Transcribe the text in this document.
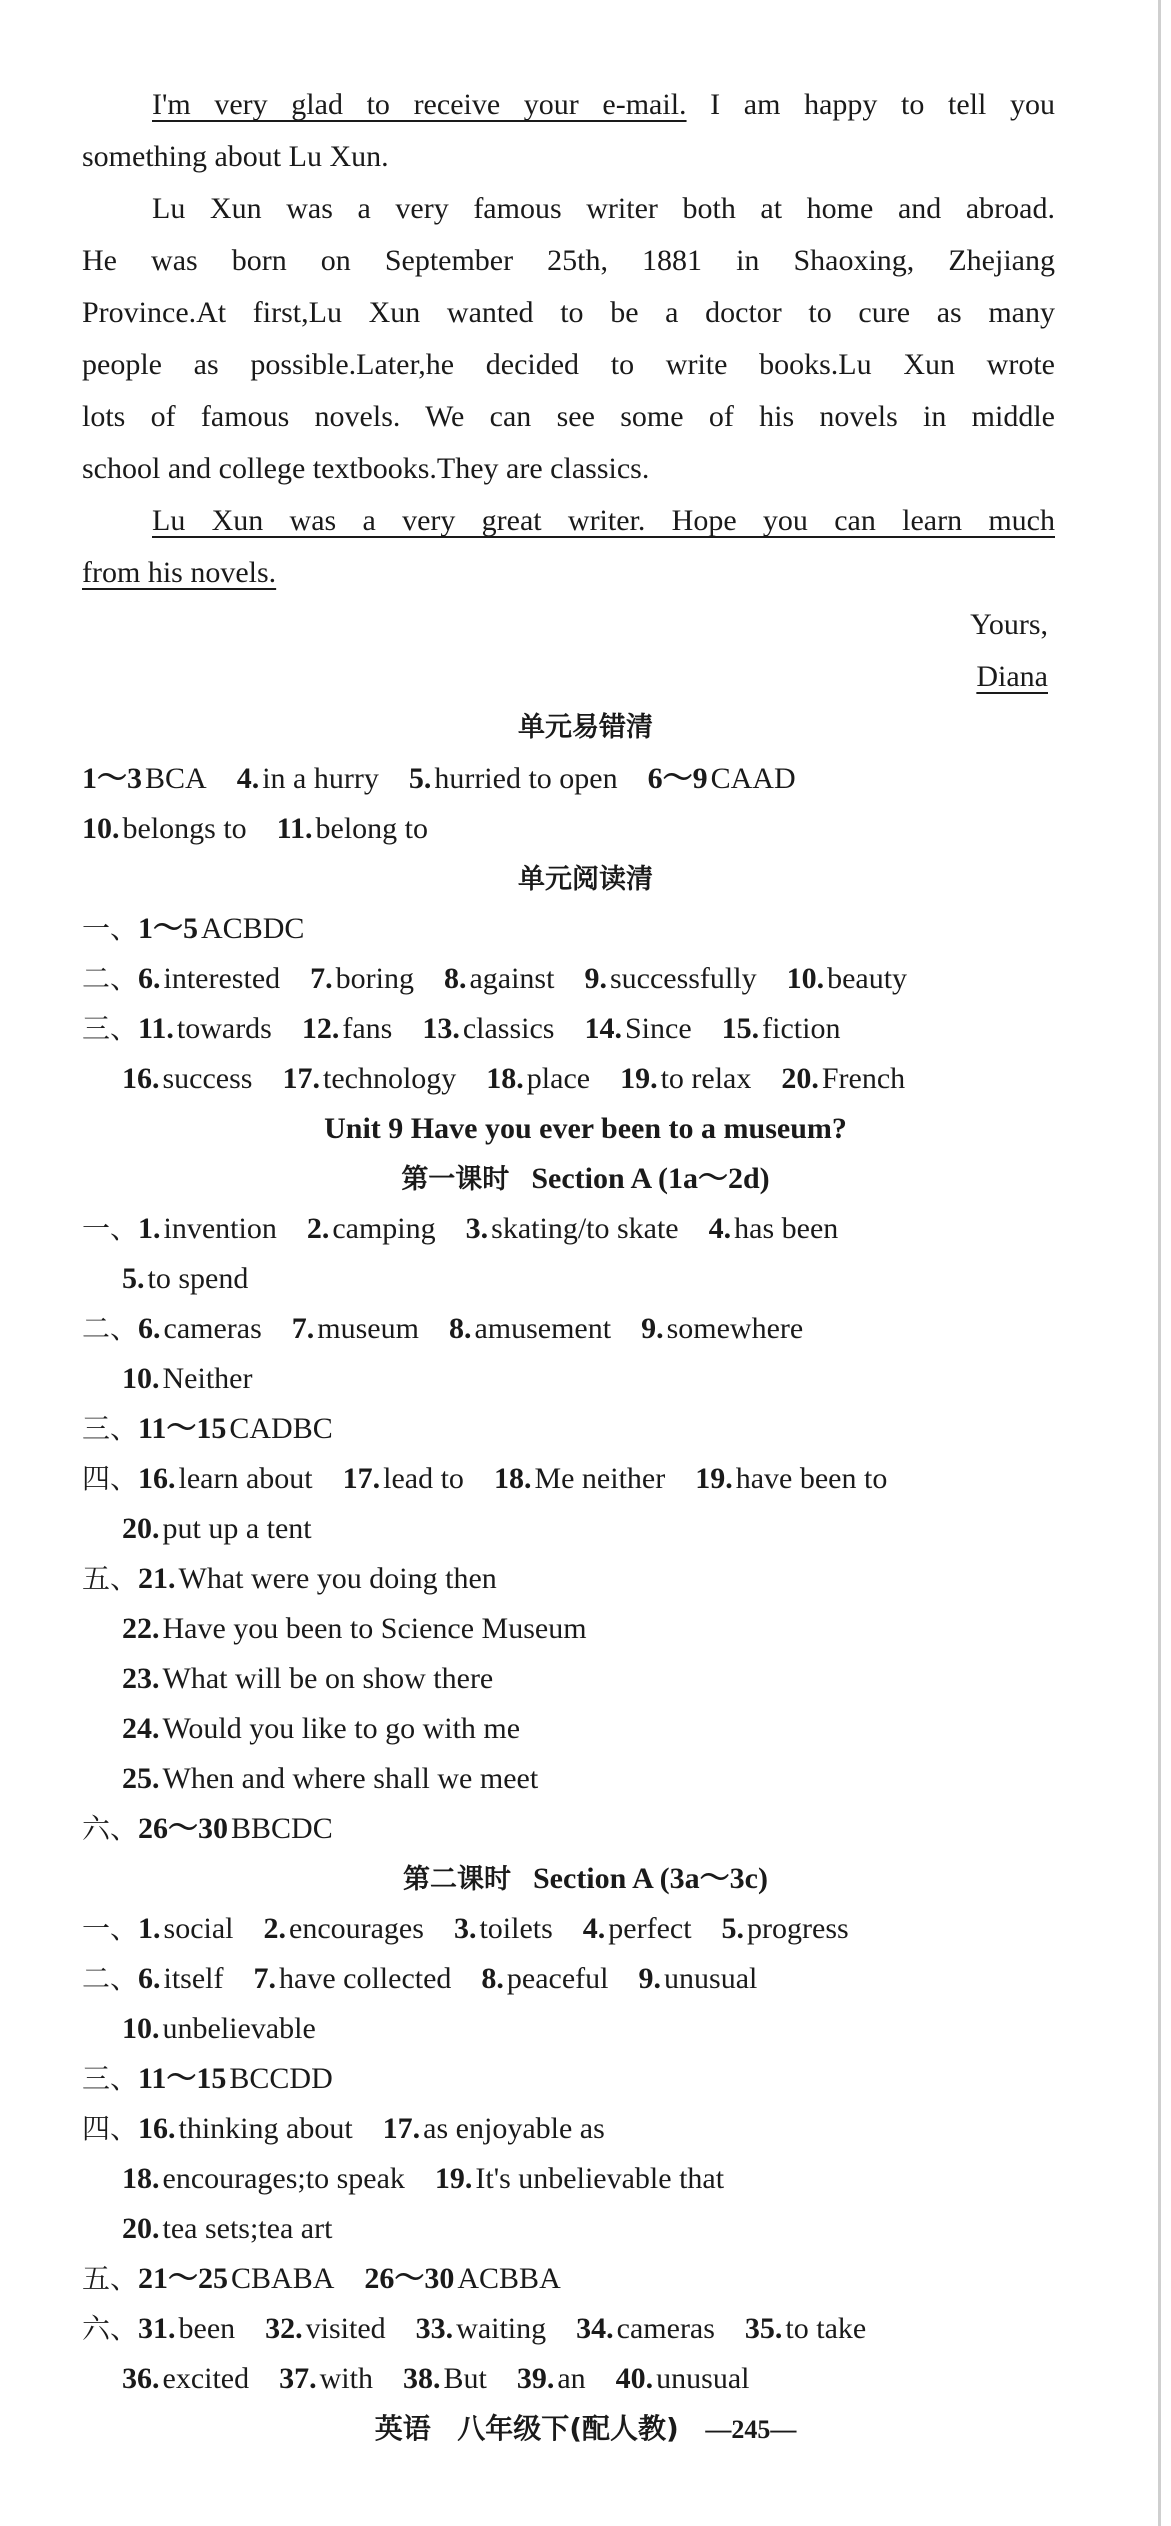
I'm very glad to receive your e-mail. I am happy to tell you

something about Lu Xun.

Lu Xun was a very famous writer both at home and abroad.

He was born on September 25th, 1881 in Shaoxing, Zhejiang

Province.At first,Lu Xun wanted to be a doctor to cure as many

people as possible.Later,he decided to write books.Lu Xun wrote

lots of famous novels. We can see some of his novels in middle

school and college textbooks.They are classics.

Lu Xun was a very great writer. Hope you can learn much

from his novels.

Yours,

Diana

单元易错清

1～3 BCA 4. in a hurry 5. hurried to open 6～9 CAAD

10. belongs to 11. belong to

单元阅读清

一、1～5 ACBDC

二、6. interested 7. boring 8. against 9. successfully 10. beauty

三、11. towards 12. fans 13. classics 14. Since 15. fiction

16. success 17. technology 18. place 19. to relax 20. French

Unit 9 Have you ever been to a museum?

第一课时 Section A (1a～2d)

一、1. invention 2. camping 3. skating/to skate 4. has been

5. to spend

二、6. cameras 7. museum 8. amusement 9. somewhere

10. Neither

三、11～15 CADBC

四、16. learn about 17. lead to 18. Me neither 19. have been to

20. put up a tent

五、21. What were you doing then

22. Have you been to Science Museum

23. What will be on show there

24. Would you like to go with me

25. When and where shall we meet

六、26～30 BBCDC

第二课时 Section A (3a～3c)

一、1. social 2. encourages 3. toilets 4. perfect 5. progress

二、6. itself 7. have collected 8. peaceful 9. unusual

10. unbelievable

三、11～15 BCCDD

四、16. thinking about 17. as enjoyable as

18. encourages;to speak 19. It's unbelievable that

20. tea sets;tea art

五、21～25 CBABA 26～30 ACBBA

六、31. been 32. visited 33. waiting 34. cameras 35. to take

36. excited 37. with 38. But 39. an 40. unusual

英语 八年级下(配人教) —245—
